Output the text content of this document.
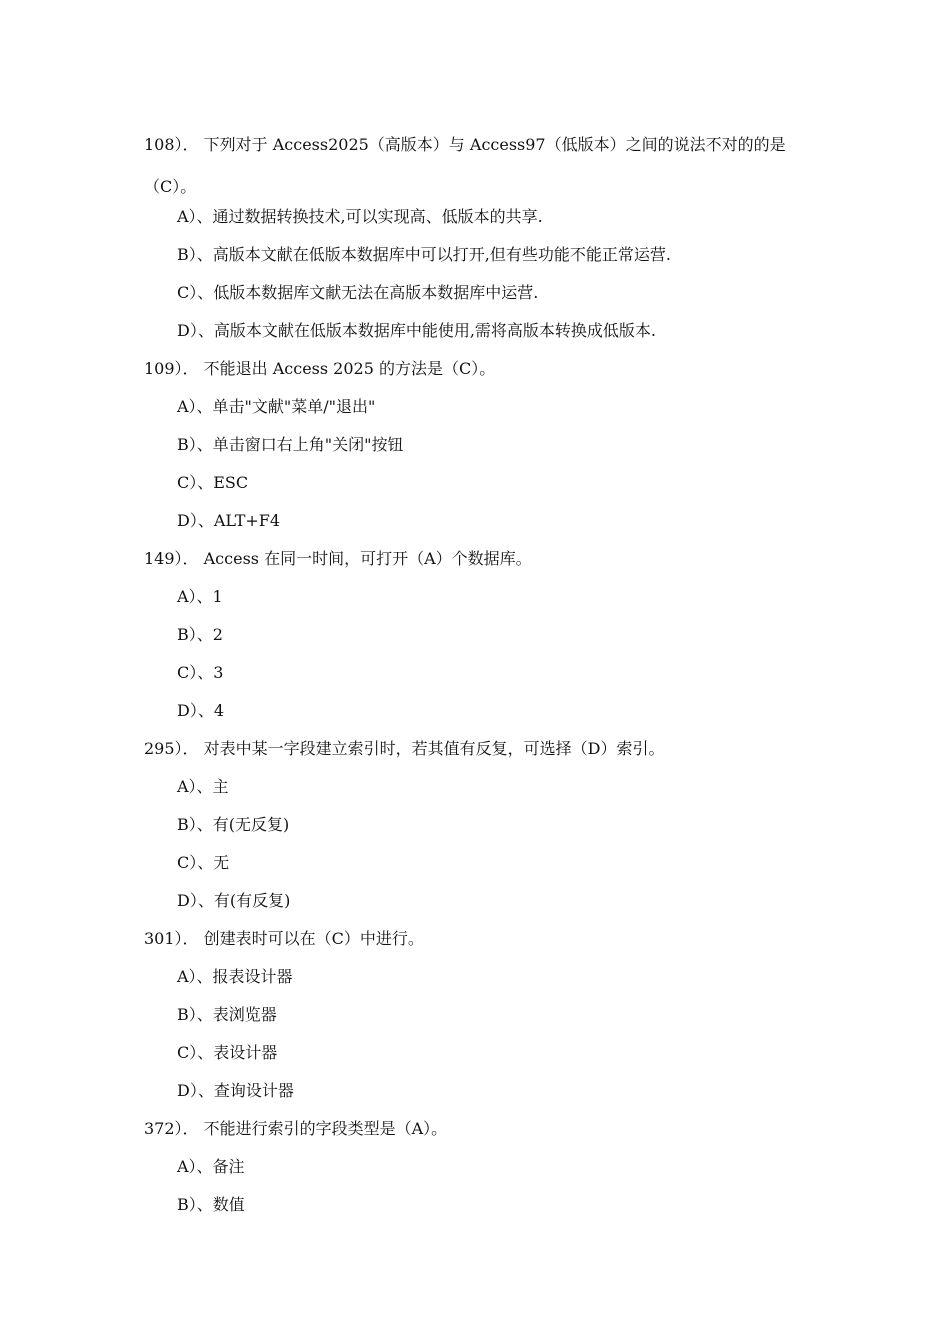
108）． 下列对于 Access2025（高版本）与 Access97（低版本）之间的说法不对的的是（C）。
A）、通过数据转换技术,可以实现高、低版本的共享.
B）、高版本文献在低版本数据库中可以打开,但有些功能不能正常运营.
C）、低版本数据库文献无法在高版本数据库中运营.
D）、高版本文献在低版本数据库中能使用,需将高版本转换成低版本.
109）． 不能退出 Access 2025 的方法是（C）。
A）、单击"文献"菜单/"退出"
B）、单击窗口右上角"关闭"按钮
C）、ESC
D）、ALT+F4
149）． Access 在同一时间，可打开（A）个数据库。
A）、1
B）、2
C）、3
D）、4
295）． 对表中某一字段建立索引时，若其值有反复，可选择（D）索引。
A）、主
B）、有(无反复)
C）、无
D）、有(有反复)
301）． 创建表时可以在（C）中进行。
A）、报表设计器
B）、表浏览器
C）、表设计器
D）、查询设计器
372）． 不能进行索引的字段类型是（A）。
A）、备注
B）、数值
